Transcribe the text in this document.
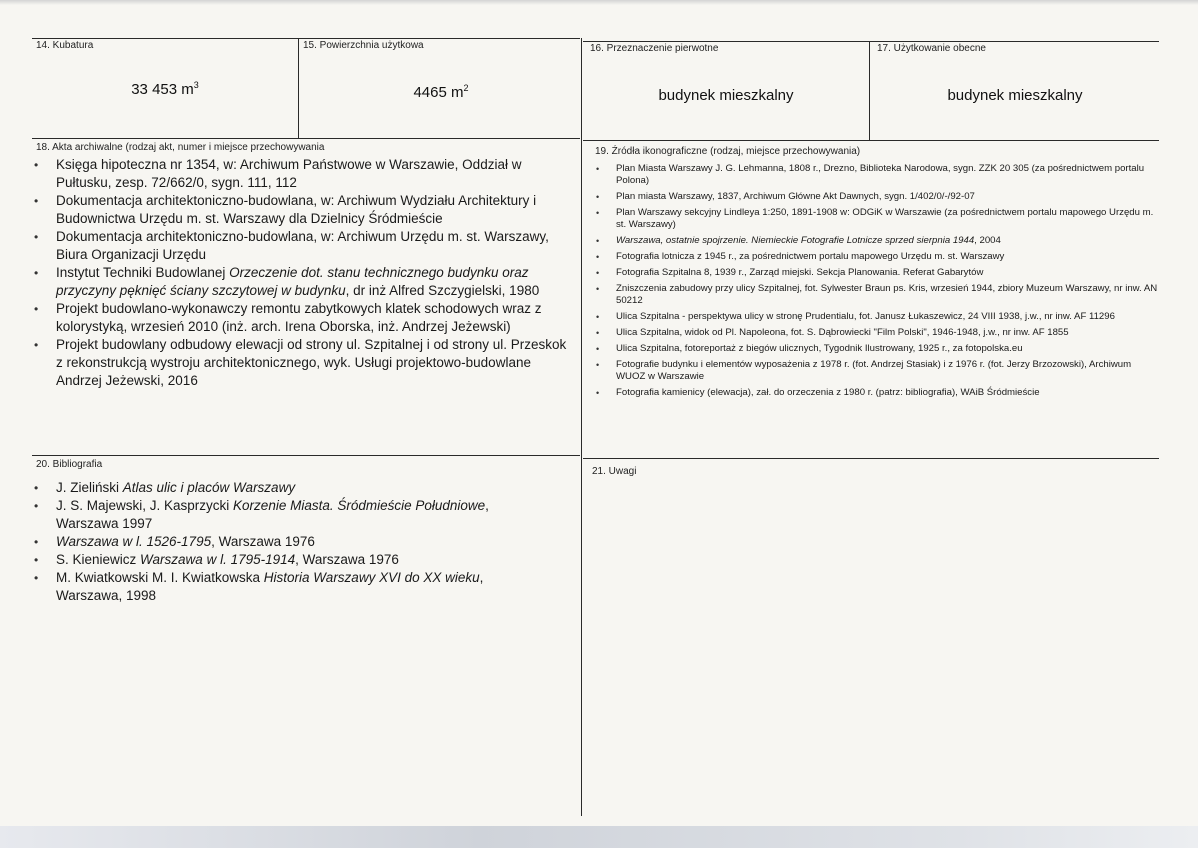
14. Kubatura
33 453 $m^3$
15. Powierzchnia użytkowa
4465 $m^2$
16. Przeznaczenie pierwotne
budynek mieszkalny
17. Użytkowanie obecne
budynek mieszkalny
18. Akta archiwalne (rodzaj akt, numer i miejsce przechowywania
• Księga hipoteczna nr 1354, w: Archiwum Państwowe w Warszawie, Oddział w Pułtusku, zesp. 72/662/0, sygn. 111, 112
• Dokumentacja architektoniczno-budowlana, w: Archiwum Wydziału Architektury i Budownictwa Urzędu m. st. Warszawy dla Dzielnicy Śródmieście
• Dokumentacja architektoniczno-budowlana, w: Archiwum Urzędu m. st. Warszawy, Biura Organizacji Urzędu
• Instytut Techniki Budowlanej Orzeczenie dot. stanu technicznego budynku oraz przyczyny pęknięć ściany szczytowej w budynku, dr inż Alfred Szczygielski, 1980
• Projekt budowlano-wykonawczy remontu zabytkowych klatek schodowych wraz z kolorystyką, wrzesień 2010 (inż. arch. Irena Oborska, inż. Andrzej Jeżewski)
• Projekt budowlany odbudowy elewacji od strony ul. Szpitalnej i od strony ul. Przeskok z rekonstrukcją wystroju architektonicznego, wyk. Usługi projektowo-budowlane Andrzej Jeżewski, 2016
19. Źródła ikonograficzne (rodzaj, miejsce przechowywania)
• Plan Miasta Warszawy J. G. Lehmanna, 1808 r., Drezno, Biblioteka Narodowa, sygn. ZZK 20 305 (za pośrednictwem portalu Polona)
• Plan miasta Warszawy, 1837, Archiwum Główne Akt Dawnych, sygn. 1/402/0/-/92-07
• Plan Warszawy sekcyjny Lindleya 1:250, 1891-1908 w: ODGiK w Warszawie (za pośrednictwem portalu mapowego Urzędu m. st. Warszawy)
• Warszawa, ostatnie spojrzenie. Niemieckie Fotografie Lotnicze sprzed sierpnia 1944, 2004
• Fotografia lotnicza z 1945 r., za pośrednictwem portalu mapowego Urzędu m. st. Warszawy
• Fotografia Szpitalna 8, 1939 r., Zarząd miejski. Sekcja Planowania. Referat Gabarytów
• Zniszczenia zabudowy przy ulicy Szpitalnej, fot. Sylwester Braun ps. Kris, wrzesień 1944, zbiory Muzeum Warszawy, nr inw. AN 50212
• Ulica Szpitalna - perspektywa ulicy w stronę Prudentialu, fot. Janusz Łukaszewicz, 24 VIII 1938, j.w., nr inw. AF 11296
• Ulica Szpitalna, widok od Pl. Napoleona, fot. S. Dąbrowiecki "Film Polski", 1946-1948, j.w., nr inw. AF 1855
• Ulica Szpitalna, fotoreportaż z biegów ulicznych, Tygodnik Ilustrowany, 1925 r., za fotopolska.eu
• Fotografie budynku i elementów wyposażenia z 1978 r. (fot. Andrzej Stasiak) i z 1976 r. (fot. Jerzy Brzozowski), Archiwum WUOZ w Warszawie
• Fotografia kamienicy (elewacja), zał. do orzeczenia z 1980 r. (patrz: bibliografia), WAiB Śródmieście
20. Bibliografia
• J. Zieliński Atlas ulic i placów Warszawy
• J. S. Majewski, J. Kasprzycki Korzenie Miasta. Śródmieście Południowe, Warszawa 1997
• Warszawa w l. 1526-1795, Warszawa 1976
• S. Kieniewicz Warszawa w l. 1795-1914, Warszawa 1976
• M. Kwiatkowski M. I. Kwiatkowska Historia Warszawy XVI do XX wieku, Warszawa, 1998
21. Uwagi
